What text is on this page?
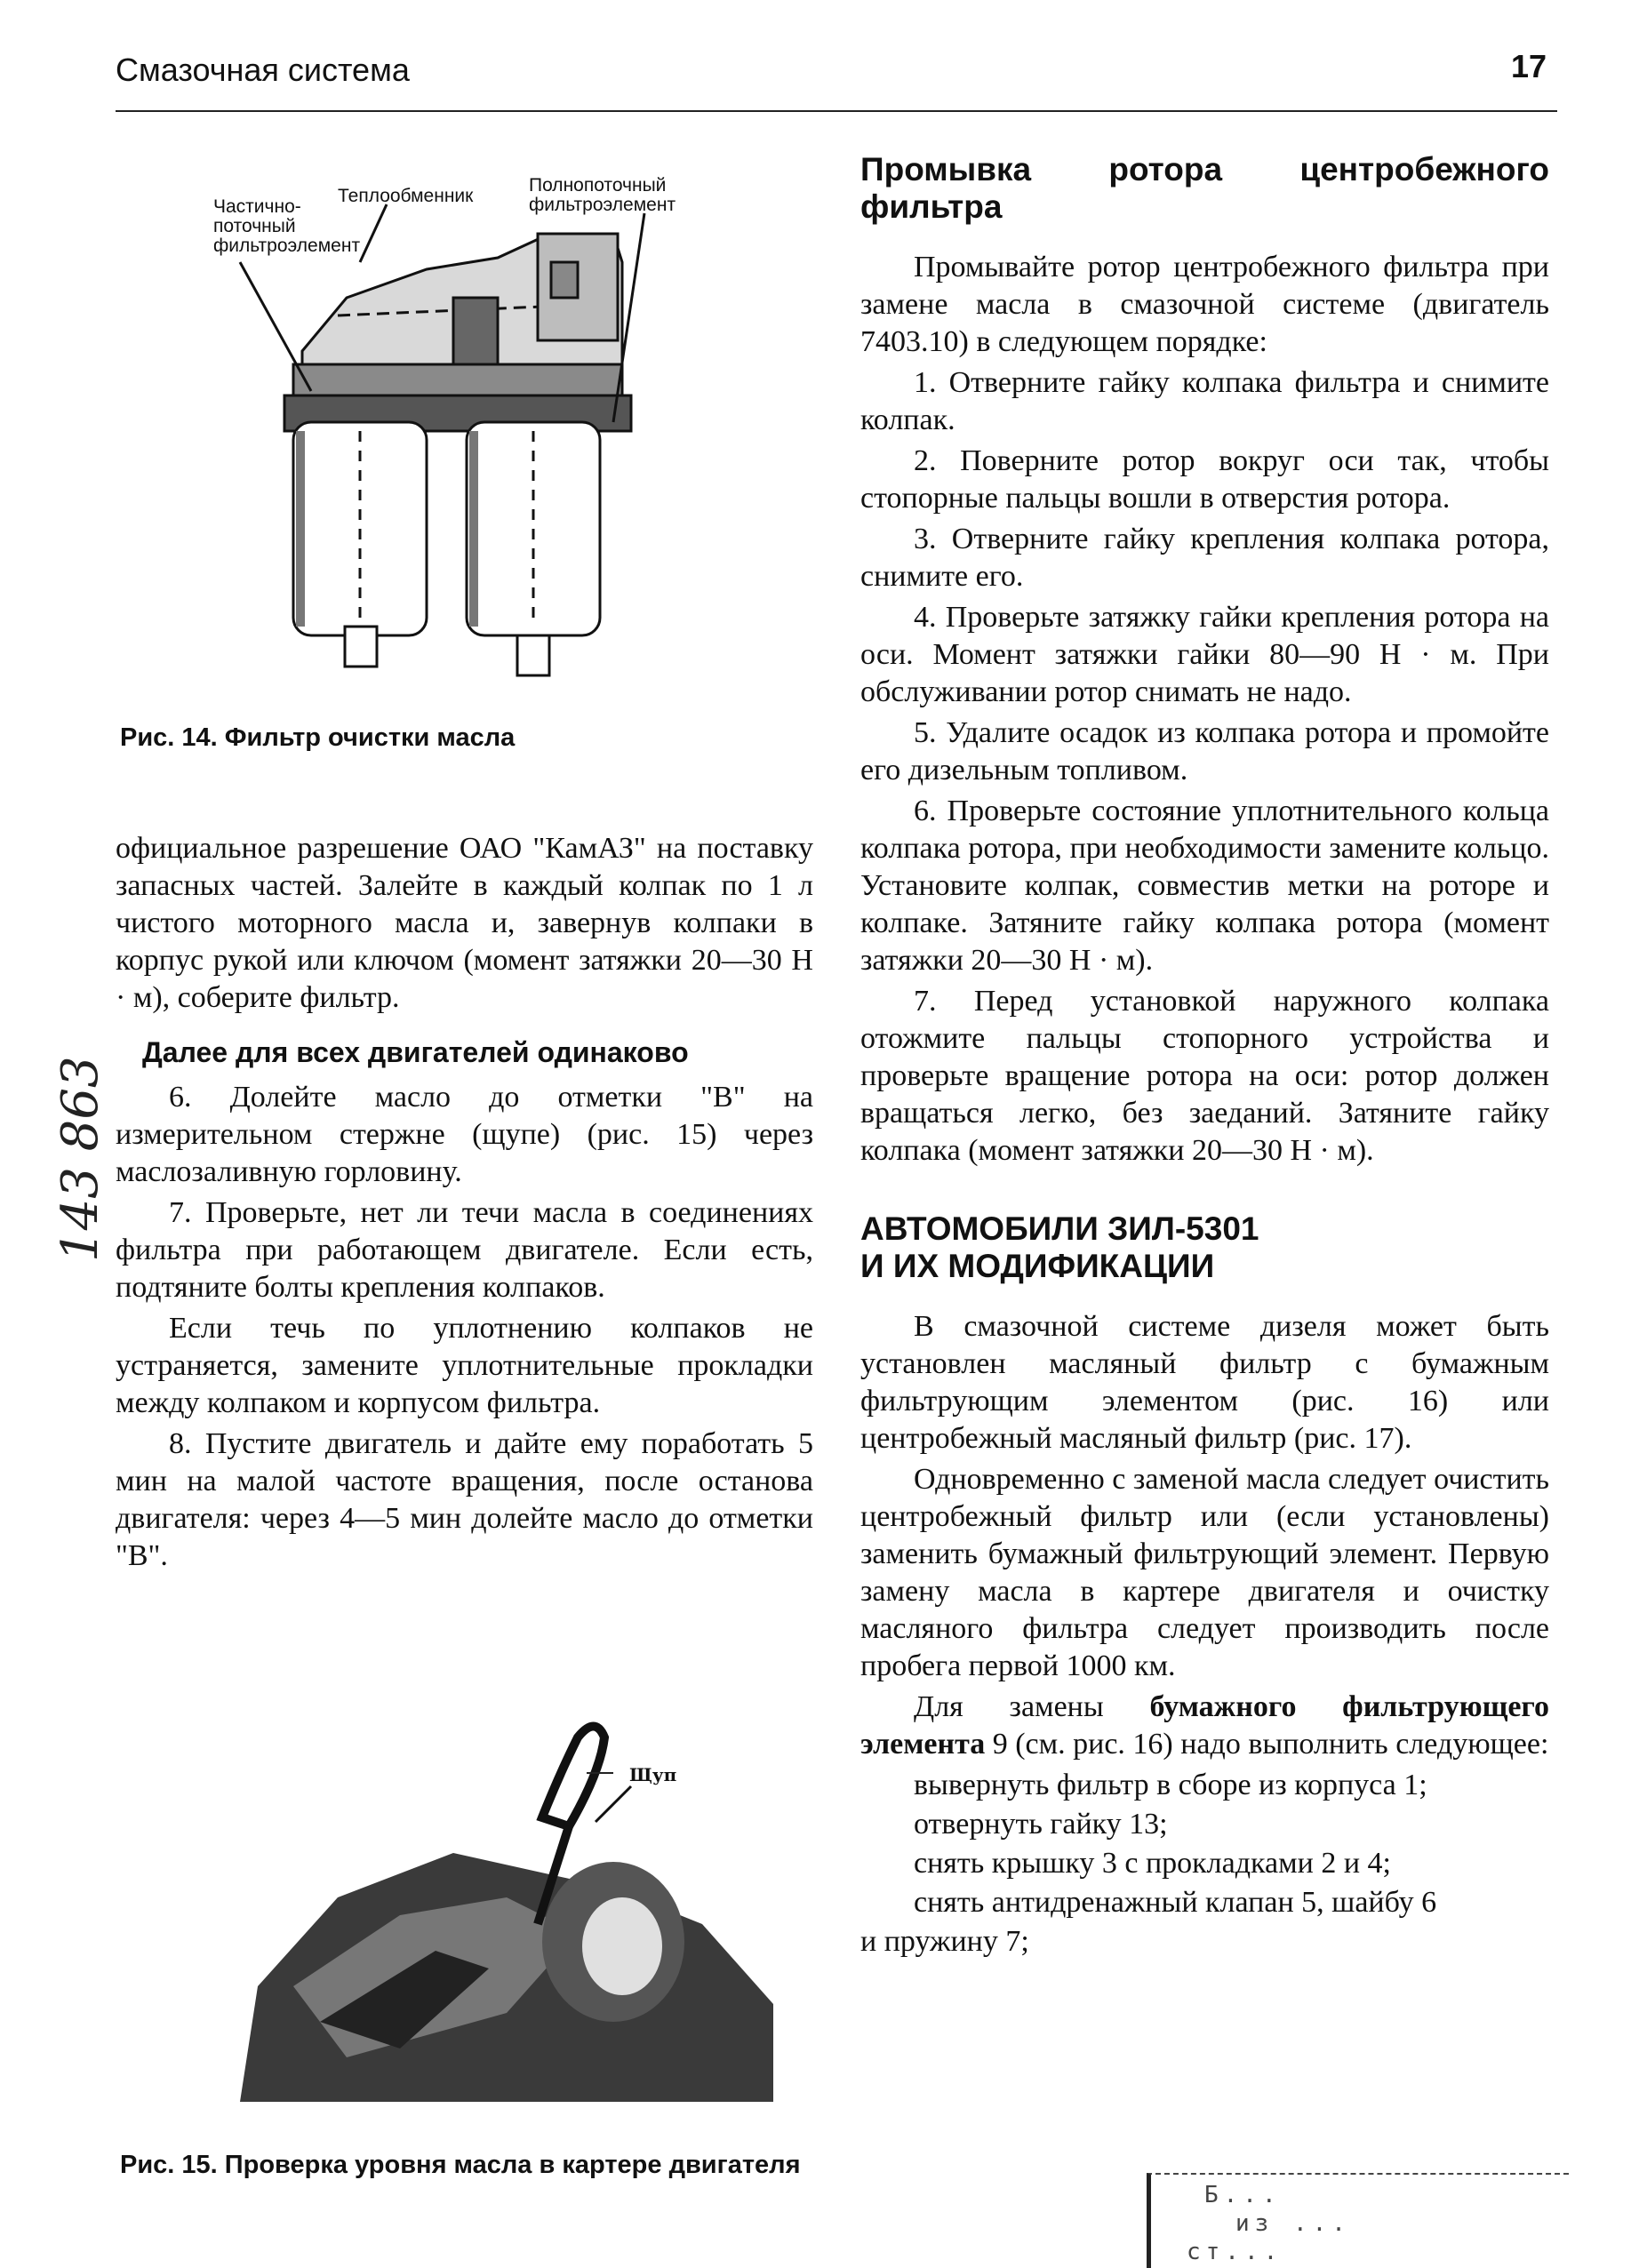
Смазочная система	17
Частично-
поточный
фильтроэлемент
Теплообменник
Полнопоточный
фильтроэлемент
Рис. 14. Фильтр очистки масла

официальное разрешение ОАО "КамАЗ" на поставку запасных частей. Залейте в каждый колпак по 1 л чистого моторного масла и, завернув колпаки в корпус рукой или ключом (момент затяжки 20—30 Н · м), соберите фильтр.

Далее для всех двигателей одинаково

6. Долейте масло до отметки "В" на измерительном стержне (щупе) (рис. 15) через маслозаливную горловину.

7. Проверьте, нет ли течи масла в соединениях фильтра при работающем двигателе. Если есть, подтяните болты крепления колпаков.

Если течь по уплотнению колпаков не устраняется, замените уплотнительные прокладки между колпаком и корпусом фильтра.

8. Пустите двигатель и дайте ему поработать 5 мин на малой частоте вращения, после останова двигателя: через 4—5 мин долейте масло до отметки "В".

143 863
Щуп
Рис. 15. Проверка уровня масла в картере двигателя
Промывка ротора центробежного фильтра

Промывайте ротор центробежного фильтра при замене масла в смазочной системе (двигатель 7403.10) в следующем порядке:

1. Отверните гайку колпака фильтра и снимите колпак.

2. Поверните ротор вокруг оси так, чтобы стопорные пальцы вошли в отверстия ротора.

3. Отверните гайку крепления колпака ротора, снимите его.

4. Проверьте затяжку гайки крепления ротора на оси. Момент затяжки гайки 80—90 Н · м. При обслуживании ротор снимать не надо.

5. Удалите осадок из колпака ротора и промойте его дизельным топливом.

6. Проверьте состояние уплотнительного кольца колпака ротора, при необходимости замените кольцо. Установите колпак, совместив метки на роторе и колпаке. Затяните гайку колпака ротора (момент затяжки 20—30 Н · м).

7. Перед установкой наружного колпака отожмите пальцы стопорного устройства и проверьте вращение ротора на оси: ротор должен вращаться легко, без заеданий. Затяните гайку колпака (момент затяжки 20—30 Н · м).

АВТОМОБИЛИ ЗИЛ-5301
И ИХ МОДИФИКАЦИИ

В смазочной системе дизеля может быть установлен масляный фильтр с бумажным фильтрующим элементом (рис. 16) или центробежный масляный фильтр (рис. 17).

Одновременно с заменой масла следует очистить центробежный фильтр или (если установлены) заменить бумажный фильтрующий элемент. Первую замену масла в картере двигателя и очистку масляного фильтра следует производить после пробега первой 1000 км.

Для замены бумажного фильтрующего элемента 9 (см. рис. 16) надо выполнить следующее:

вывернуть фильтр в сборе из корпуса 1;

отвернуть гайку 13;

снять крышку 3 с прокладками 2 и 4;

снять антидренажный клапан 5, шайбу 6

и пружину 7;

Б...
из ...
ст...
